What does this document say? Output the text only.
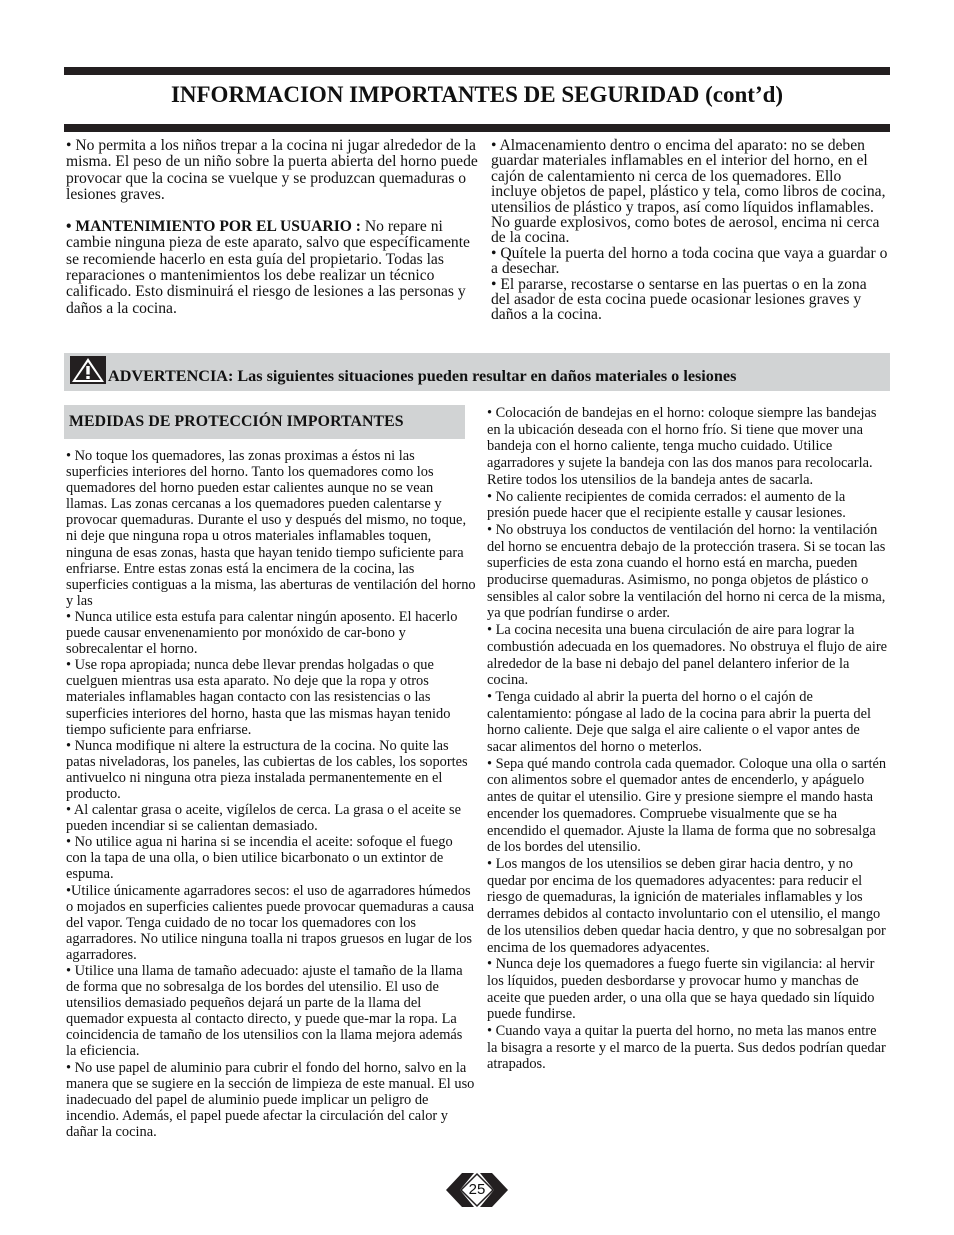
INFORMACION IMPORTANTES DE SEGURIDAD (cont’d)

• No permita a los niños trepar a la cocina ni jugar alrededor de la misma. El peso de un niño sobre la puerta abierta del horno puede provocar que la cocina se vuelque y se produzcan quemaduras o lesiones graves.

• MANTENIMIENTO POR EL USUARIO : No repare ni cambie ninguna pieza de este aparato, salvo que específicamente se recomiende hacerlo en esta guía del propietario. Todas las reparaciones o mantenimientos los debe realizar un técnico calificado. Esto disminuirá el riesgo de lesiones a las personas y daños a la cocina.

• Almacenamiento dentro o encima del aparato: no se deben guardar materiales inflamables en el interior del horno, en el cajón de calentamiento ni cerca de los quemadores. Ello incluye objetos de papel, plástico y tela, como libros de cocina, utensilios de plástico y trapos, así como líquidos inflamables. No guarde explosivos, como botes de aerosol, encima ni cerca de la cocina.

• Quítele la puerta del horno a toda cocina que vaya a guardar o a desechar.

• El pararse, recostarse o sentarse en las puertas o en la zona del asador de esta cocina puede ocasionar lesiones graves y daños a la cocina.

ADVERTENCIA: Las siguientes situaciones pueden resultar en daños materiales o lesiones
MEDIDAS DE PROTECCIÓN IMPORTANTES

• No toque los quemadores, las zonas proximas a éstos ni las superficies interiores del horno. Tanto los quemadores como los quemadores del horno pueden estar calientes aunque no se vean llamas. Las zonas cercanas a los quemadores pueden calentarse y provocar quemaduras. Durante el uso y después del mismo, no toque, ni deje que ninguna ropa u otros materiales inflamables toquen, ninguna de esas zonas, hasta que hayan tenido tiempo suficiente para enfriarse. Entre estas zonas está la encimera de la cocina, las superficies contiguas a la misma, las aberturas de ventilación del horno y las

• Nunca utilice esta estufa para calentar ningún aposento. El hacerlo puede causar envenenamiento por monóxido de car-bono y sobrecalentar el horno.

• Use ropa apropiada; nunca debe llevar prendas holgadas o que cuelguen mientras usa esta aparato. No deje que la ropa y otros materiales inflamables hagan contacto con las resistencias o las superficies interiores del horno, hasta que las mismas hayan tenido tiempo suficiente para enfriarse.

• Nunca modifique ni altere la estructura de la cocina. No quite las patas niveladoras, los paneles, las cubiertas de los cables, los soportes antivuelco ni ninguna otra pieza instalada permanentemente en el producto.

• Al calentar grasa o aceite, vigílelos de cerca. La grasa o el aceite se pueden incendiar si se calientan demasiado.

• No utilice agua ni harina si se incendia el aceite: sofoque el fuego con la tapa de una olla, o bien utilice bicarbonato o un extintor de espuma.

•Utilice únicamente agarradores secos: el uso de agarradores húmedos o mojados en superficies calientes puede provocar quemaduras a causa del vapor. Tenga cuidado de no tocar los quemadores con los agarradores. No utilice ninguna toalla ni trapos gruesos en lugar de los agarradores.

• Utilice una llama de tamaño adecuado: ajuste el tamaño de la llama de forma que no sobresalga de los bordes del utensilio. El uso de utensilios demasiado pequeños dejará un parte de la llama del quemador expuesta al contacto directo, y puede que-mar la ropa. La coincidencia de tamaño de los utensilios con la llama mejora además la eficiencia.

• No use papel de aluminio para cubrir el fondo del horno, salvo en la manera que se sugiere en la sección de limpieza de este manual. El uso inadecuado del papel de aluminio puede implicar un peligro de incendio. Además, el papel puede afectar la circulación del calor y dañar la cocina.

• Colocación de bandejas en el horno: coloque siempre las bandejas en la ubicación deseada con el horno frío. Si tiene que mover una bandeja con el horno caliente, tenga mucho cuidado. Utilice agarradores y sujete la bandeja con las dos manos para recolocarla. Retire todos los utensilios de la bandeja antes de sacarla.

• No caliente recipientes de comida cerrados: el aumento de la presión puede hacer que el recipiente estalle y causar lesiones.

• No obstruya los conductos de ventilación del horno: la ventilación del horno se encuentra debajo de la protección trasera. Si se tocan las superficies de esta zona cuando el horno está en marcha, pueden producirse quemaduras. Asimismo, no ponga objetos de plástico o sensibles al calor sobre la ventilación del horno ni cerca de la misma, ya que podrían fundirse o arder.

• La cocina necesita una buena circulación de aire para lograr la combustión adecuada en los quemadores. No obstruya el flujo de aire alrededor de la base ni debajo del panel delantero inferior de la cocina.

• Tenga cuidado al abrir la puerta del horno o el cajón de calentamiento: póngase al lado de la cocina para abrir la puerta del horno caliente. Deje que salga el aire caliente o el vapor antes de sacar alimentos del horno o meterlos.

• Sepa qué mando controla cada quemador. Coloque una olla o sartén con alimentos sobre el quemador antes de encenderlo, y apáguelo antes de quitar el utensilio. Gire y presione siempre el mando hasta encender los quemadores. Compruebe visualmente que se ha encendido el quemador. Ajuste la llama de forma que no sobresalga de los bordes del utensilio.

• Los mangos de los utensilios se deben girar hacia dentro, y no quedar por encima de los quemadores adyacentes: para reducir el riesgo de quemaduras, la ignición de materiales inflamables y los derrames debidos al contacto involuntario con el utensilio, el mango de los utensilios deben quedar hacia dentro, y que no sobresalgan por encima de los quemadores adyacentes.

• Nunca deje los quemadores a fuego fuerte sin vigilancia: al hervir los líquidos, pueden desbordarse y provocar humo y manchas de aceite que pueden arder, o una olla que se haya quedado sin líquido puede fundirse.

• Cuando vaya a quitar la puerta del horno, no meta las manos entre la bisagra a resorte y el marco de la puerta. Sus dedos podrían quedar atrapados.

25
